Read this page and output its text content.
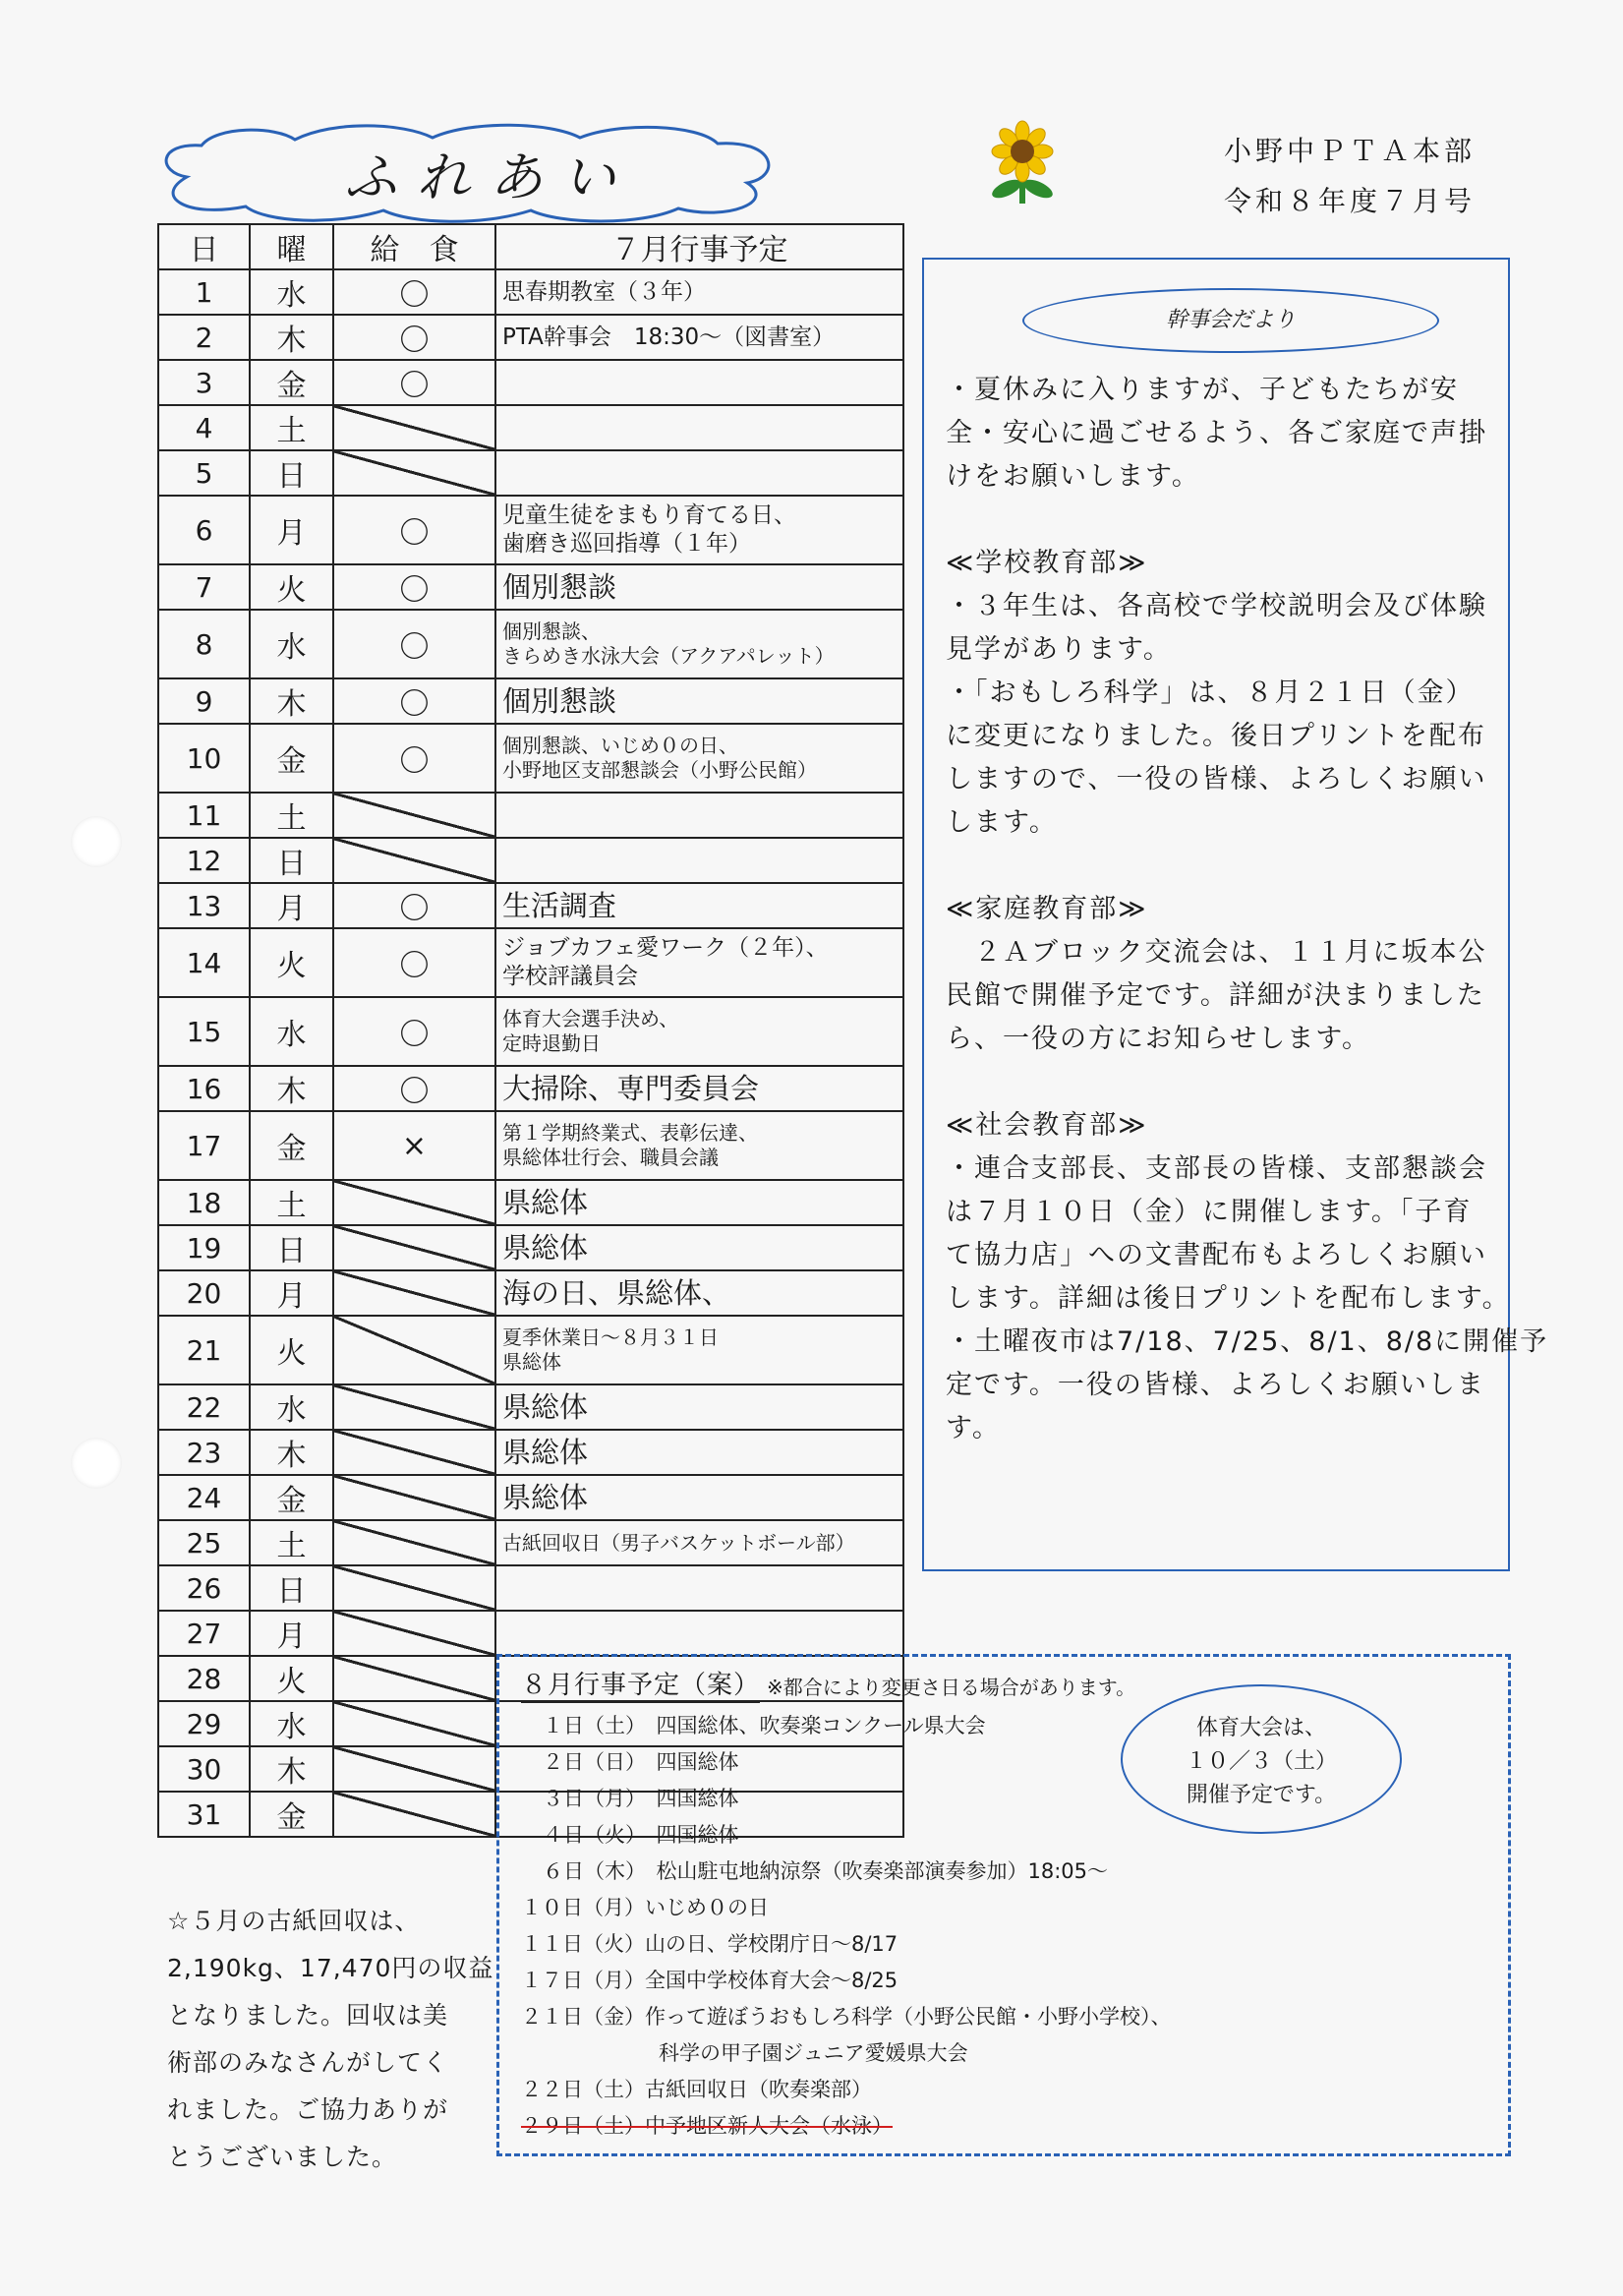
ふれあい	小野中ＰＴＡ本部
令和８年度７月号
日	曜	給　食	７月行事予定
1	水	〇	思春期教室（３年）

2	木	〇	PTA幹事会　18:30～（図書室）

3	金	〇	
4	土		
5	日		
6	月	〇	児童生徒をまもり育てる日、
歯磨き巡回指導（１年）

7	火	〇	個別懇談

8	水	〇	個別懇談、
きらめき水泳大会（アクアパレット）

9	木	〇	個別懇談

10	金	〇	個別懇談、いじめ０の日、
小野地区支部懇談会（小野公民館）

11	土		
12	日		
13	月	〇	生活調査

14	火	〇	ジョブカフェ愛ワーク（２年）、
学校評議員会

15	水	〇	体育大会選手決め、
定時退勤日

16	木	〇	大掃除、専門委員会

17	金	×	第１学期終業式、表彰伝達、
県総体壮行会、職員会議

18	土		県総体

19	日		県総体

20	月		海の日、県総体、

21	火		夏季休業日～８月３１日
県総体

22	水		県総体

23	木		県総体

24	金		県総体

25	土		古紙回収日（男子バスケットボール部）

26	日		
27	月		
28	火		
29	水		
30	木		
31	金		
幹事会だより

・夏休みに入りますが、子どもたちが安

全・安心に過ごせるよう、各ご家庭で声掛

けをお願いします。

≪学校教育部≫

・３年生は、各高校で学校説明会及び体験

見学があります。

・「おもしろ科学」は、８月２１日（金）

に変更になりました。後日プリントを配布

しますので、一役の皆様、よろしくお願い

します。

≪家庭教育部≫

　２Ａブロック交流会は、１１月に坂本公

民館で開催予定です。詳細が決まりました

ら、一役の方にお知らせします。

≪社会教育部≫

・連合支部長、支部長の皆様、支部懇談会

は７月１０日（金）に開催します。「子育

て協力店」への文書配布もよろしくお願い

します。詳細は後日プリントを配布します。

・土曜夜市は7/18、7/25、8/1、8/8に開催予

定です。一役の皆様、よろしくお願いしま

す。

☆５月の古紙回収は、

2,190kg、17,470円の収益

となりました。回収は美

術部のみなさんがしてく

れました。ご協力ありが

とうございました。

８月行事予定（案） ※都合により変更さ日る場合があります。

１日（土）　四国総体、吹奏楽コンクール県大会

２日（日）　四国総体

３日（月）　四国総体

４日（火）　四国総体

６日（木）　松山駐屯地納涼祭（吹奏楽部演奏参加）18:05～

１０日（月）いじめ０の日

１１日（火）山の日、学校閉庁日～8/17

１７日（月）全国中学校体育大会～8/25

２１日（金）作って遊ぼうおもしろ科学（小野公民館・小野小学校）、

科学の甲子園ジュニア愛媛県大会

２２日（土）古紙回収日（吹奏楽部）

２９日（土）中予地区新人大会（水泳）

体育大会は、

１０／３（土）

開催予定です。
